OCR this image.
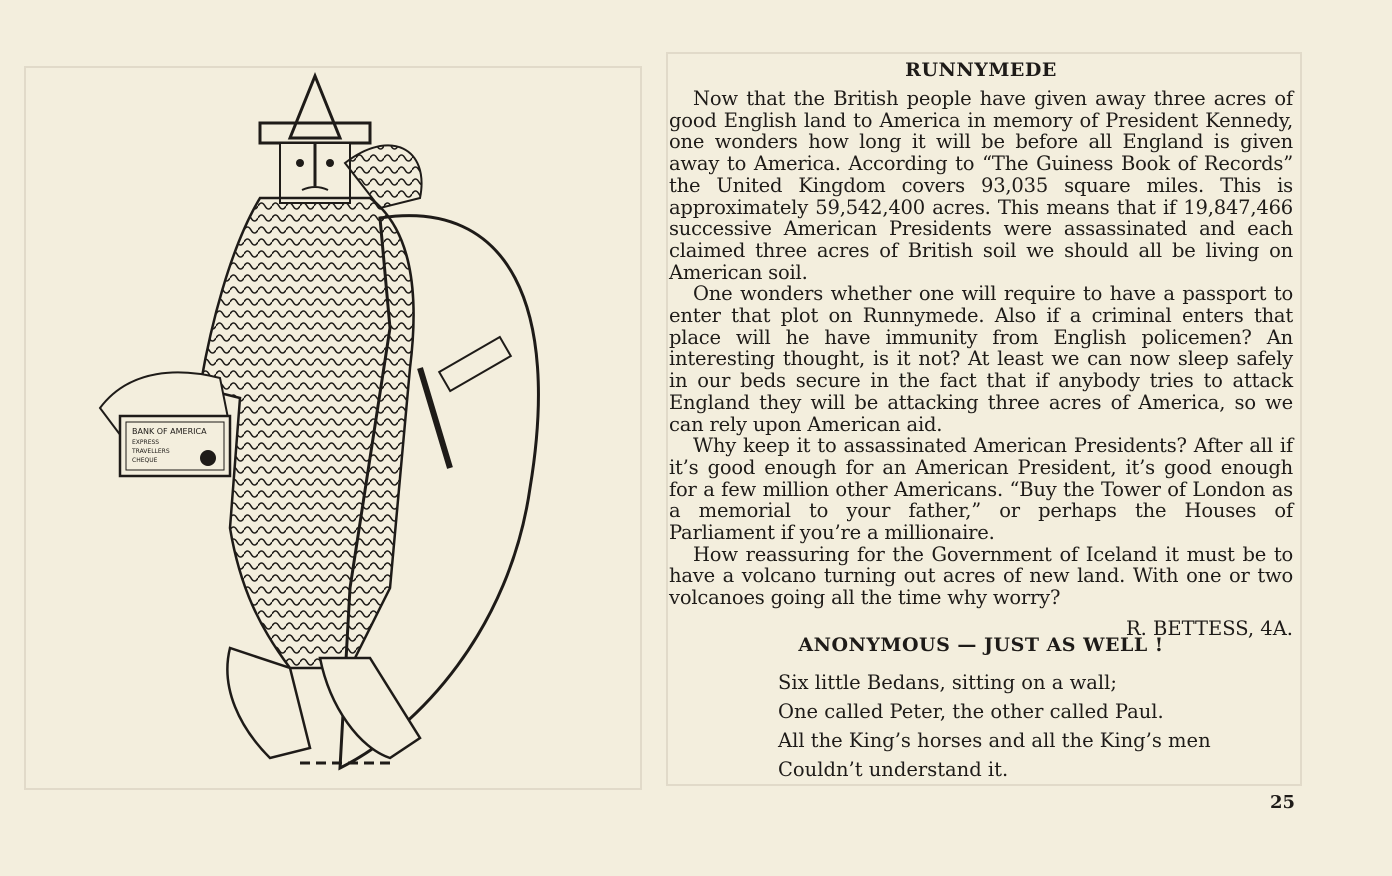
BANK OF AMERICA
EXPRESS
TRAVELLERS
CHEQUE
RUNNYMEDE

Now that the British people have given away three acres of good English land to America in memory of President Kennedy, one wonders how long it will be before all England is given away to America. According to “The Guiness Book of Records” the United Kingdom covers 93,035 square miles. This is approximately 59,542,400 acres. This means that if 19,847,466 successive American Presidents were assassinated and each claimed three acres of British soil we should all be living on American soil.

One wonders whether one will require to have a passport to enter that plot on Runnymede. Also if a criminal enters that place will he have immunity from English policemen? An interesting thought, is it not? At least we can now sleep safely in our beds secure in the fact that if anybody tries to attack England they will be attacking three acres of America, so we can rely upon American aid.

Why keep it to assassinated American Presidents? After all if it’s good enough for an American President, it’s good enough for a few million other Americans. “Buy the Tower of London as a memorial to your father,” or perhaps the Houses of Parliament if you’re a millionaire.

How reassuring for the Government of Iceland it must be to have a volcano turning out acres of new land. With one or two volcanoes going all the time why worry?

R. BETTESS, 4A.
ANONYMOUS — JUST AS WELL !
Six little Bedans, sitting on a wall;
One called Peter, the other called Paul.
All the King’s horses and all the King’s men
Couldn’t understand it.
25
